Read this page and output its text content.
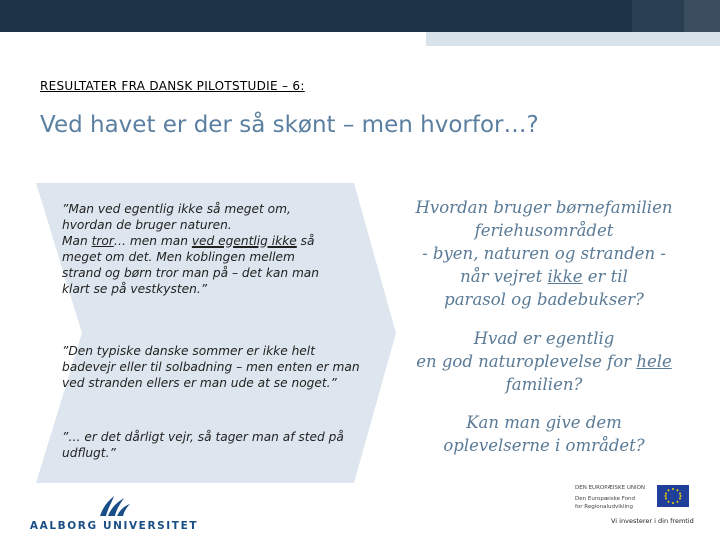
RESULTATER FRA DANSK PILOTSTUDIE – 6:
Ved havet er der så skønt – men hvorfor…?

”Man ved egentlig ikke så meget om,
hvordan de bruger naturen.
Man tror… men man ved egentlig ikke så
meget om det. Men koblingen mellem
strand og børn tror man på – det kan man
klart se på vestkysten.”

”Den typiske danske sommer er ikke helt badevejr eller til solbadning – men enten er man ved stranden ellers er man ude at se noget.”

”… er det dårligt vejr, så tager man af sted på udflugt.”

Hvordan bruger børnefamilien
feriehusområdet
- byen, naturen og stranden -
når vejret ikke er til
parasol og badebukser?

Hvad er egentlig
en god naturoplevelse for hele
familien?

Kan man give dem
oplevelserne i området?

AALBORG UNIVERSITET
DEN EUROPÆISKE UNION
Den Europæiske Fond
for Regionaludvikling
Vi investerer i din fremtid
